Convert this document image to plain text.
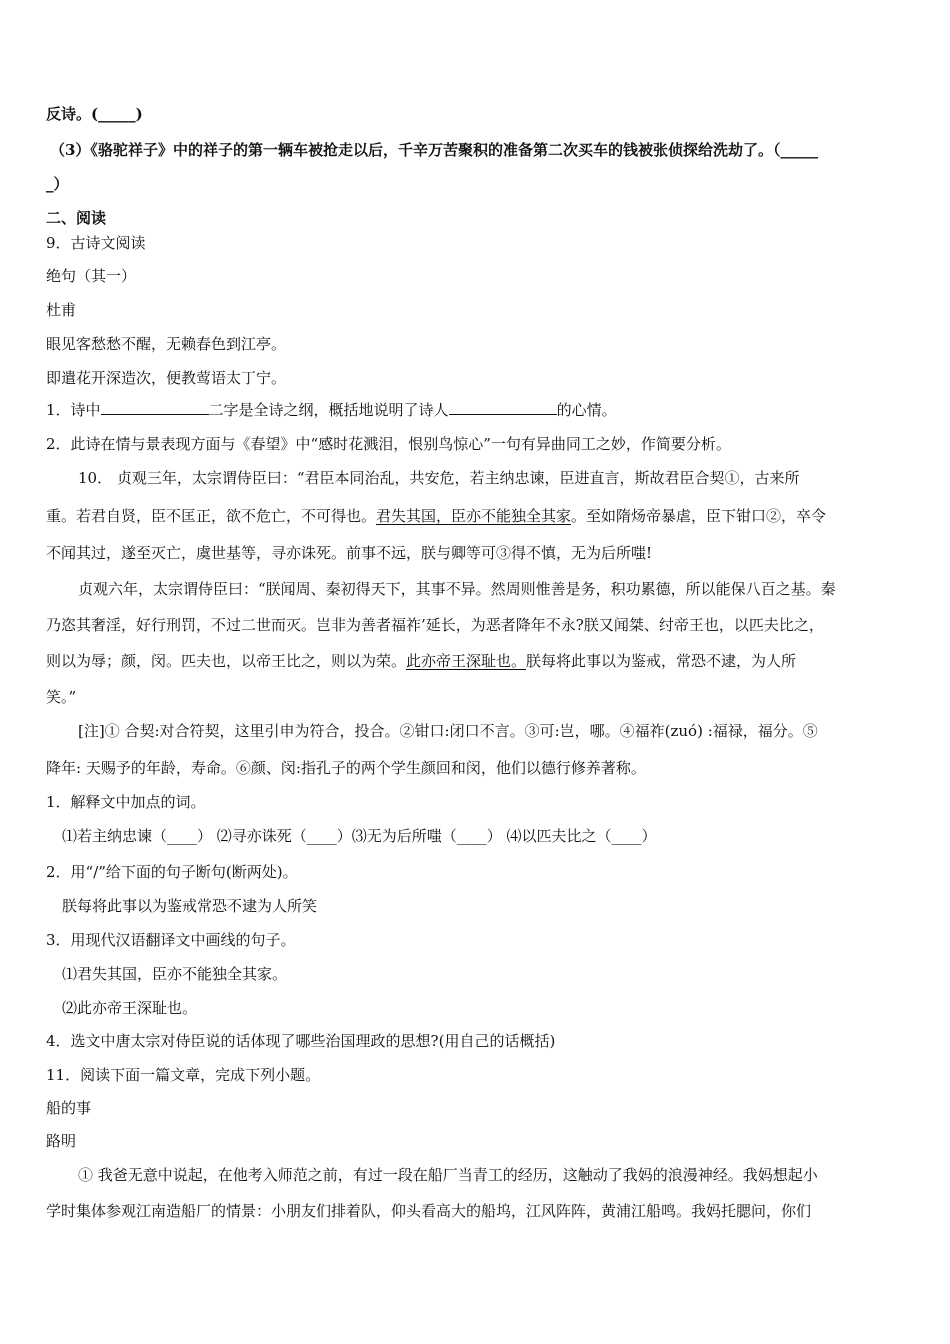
反诗。(_____)
（3）《骆驼祥子》中的祥子的第一辆车被抢走以后，千辛万苦聚积的准备第二次买车的钱被张侦探给洗劫了。（_____
_）
二、阅读
9．古诗文阅读
绝句（其一）
杜甫
眼见客愁愁不醒，无赖春色到江亭。
即遣花开深造次，便教莺语太丁宁。
1．诗中	二字是全诗之纲，概括地说明了诗人	的心情。
2．此诗在情与景表现方面与《春望》中“感时花溅泪，恨别鸟惊心”一句有异曲同工之妙，作简要分析。
10． 贞观三年，太宗谓侍臣曰：“君臣本同治乱，共安危，若主纳忠谏，臣进直言，斯故君臣合契①，古来所
重。若君自贤，臣不匡正，欲不危亡，不可得也。君失其国，臣亦不能独全其家。至如隋炀帝暴虐，臣下钳口②，卒令
不闻其过，遂至灭亡，虞世基等，寻亦诛死。前事不远，朕与卿等可③得不慎，无为后所嗤!
贞观六年，太宗谓侍臣曰：“朕闻周、秦初得天下，其事不异。然周则惟善是务，积功累德，所以能保八百之基。秦
乃恣其奢淫，好行刑罚，不过二世而灭。岂非为善者福祚’延长，为恶者降年不永?朕又闻桀、纣帝王也，以匹夫比之，
则以为辱；颜，闵。匹夫也，以帝王比之，则以为荣。此亦帝王深耻也。朕每将此事以为鉴戒，常恐不逮，为人所
笑。”
[注]① 合契:对合符契，这里引申为符合，投合。②钳口:闭口不言。③可:岂，哪。④福祚(zuó) :福禄，福分。⑤
降年: 天赐予的年龄，寿命。⑥颜、闵:指孔子的两个学生颜回和闵，他们以德行修养著称。
1．解释文中加点的词。
⑴若主纳忠谏（____） ⑵寻亦诛死（____）⑶无为后所嗤（____） ⑷以匹夫比之（____）
2．用“/”给下面的句子断句(断两处)。
朕每将此事以为鉴戒常恐不逮为人所笑
3．用现代汉语翻译文中画线的句子。
⑴君失其国，臣亦不能独全其家。
⑵此亦帝王深耻也。
4．选文中唐太宗对侍臣说的话体现了哪些治国理政的思想?(用自己的话概括)
11．阅读下面一篇文章，完成下列小题。
船的事
路明
① 我爸无意中说起，在他考入师范之前，有过一段在船厂当青工的经历，这触动了我妈的浪漫神经。我妈想起小
学时集体参观江南造船厂的情景：小朋友们排着队，仰头看高大的船坞，江风阵阵，黄浦江船鸣。我妈托腮问，你们
